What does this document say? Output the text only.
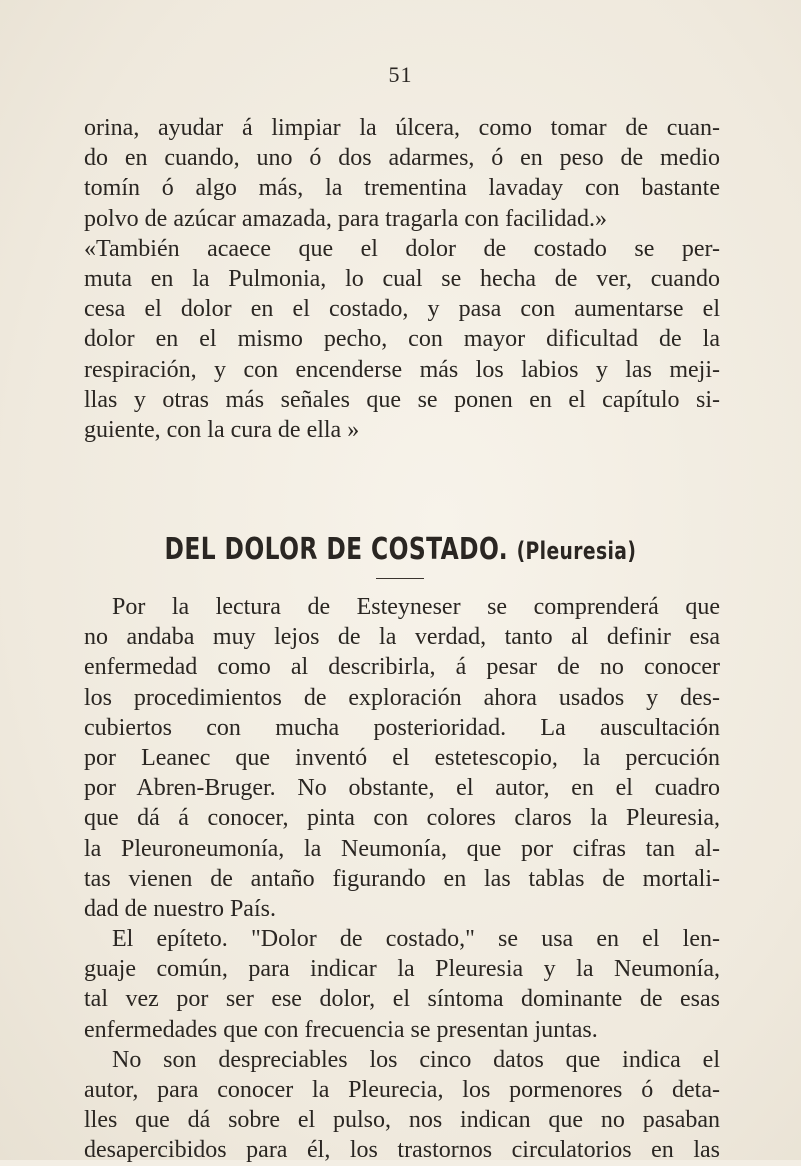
51
orina, ayudar á limpiar la úlcera, como tomar de cuan-
do en cuando, uno ó dos adarmes, ó en peso de medio
tomín ó algo más, la trementina lavaday con bastante
polvo de azúcar amazada, para tragarla con facilidad.»
«También acaece que el dolor de costado se per-
muta en la Pulmonia, lo cual se hecha de ver, cuando
cesa el dolor en el costado, y pasa con aumentarse el
dolor en el mismo pecho, con mayor dificultad de la
respiración, y con encenderse más los labios y las meji-
llas y otras más señales que se ponen en el capítulo si-
guiente, con la cura de ella »
DEL DOLOR DE COSTADO. (Pleuresia)
Por la lectura de Esteyneser se comprenderá que
no andaba muy lejos de la verdad, tanto al definir esa
enfermedad como al describirla, á pesar de no conocer
los procedimientos de exploración ahora usados y des-
cubiertos con mucha posterioridad. La auscultación
por Leanec que inventó el estetescopio, la percución
por Abren-Bruger. No obstante, el autor, en el cuadro
que dá á conocer, pinta con colores claros la Pleuresia,
la Pleuroneumonía, la Neumonía, que por cifras tan al-
tas vienen de antaño figurando en las tablas de mortali-
dad de nuestro País.
El epíteto. "Dolor de costado," se usa en el len-
guaje común, para indicar la Pleuresia y la Neumonía,
tal vez por ser ese dolor, el síntoma dominante de esas
enfermedades que con frecuencia se presentan juntas.
No son despreciables los cinco datos que indica el
autor, para conocer la Pleurecia, los pormenores ó deta-
lles que dá sobre el pulso, nos indican que no pasaban
desapercibidos para él, los trastornos circulatorios en las
